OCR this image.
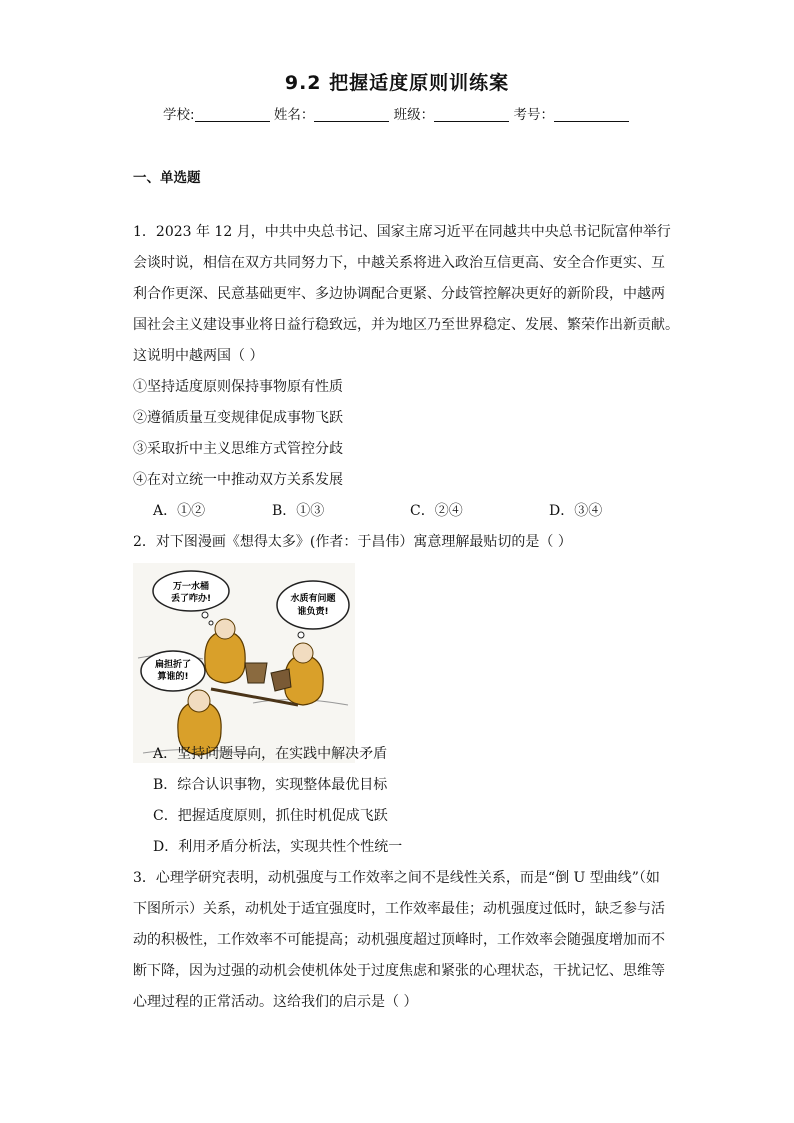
9.2 把握适度原则训练案
学校:	姓名：	班级：	考号：
一、单选题
1．2023 年 12 月，中共中央总书记、国家主席习近平在同越共中央总书记阮富仲举行
会谈时说，相信在双方共同努力下，中越关系将进入政治互信更高、安全合作更实、互
利合作更深、民意基础更牢、多边协调配合更紧、分歧管控解决更好的新阶段，中越两
国社会主义建设事业将日益行稳致远，并为地区乃至世界稳定、发展、繁荣作出新贡献。
这说明中越两国（ ）
①坚持适度原则保持事物原有性质
②遵循质量互变规律促成事物飞跃
③采取折中主义思维方式管控分歧
④在对立统一中推动双方关系发展
A．①②	B．①③	C．②④	D．③④
2．对下图漫画《想得太多》(作者：于昌伟）寓意理解最贴切的是（ ）
万一水桶
丢了咋办!	水质有问题
谁负责!
扁担折了
算谁的!
A．坚持问题导向，在实践中解决矛盾
B．综合认识事物，实现整体最优目标
C．把握适度原则，抓住时机促成飞跃
D．利用矛盾分析法，实现共性个性统一
3．心理学研究表明，动机强度与工作效率之间不是线性关系，而是“倒 U 型曲线”（如
下图所示）关系，动机处于适宜强度时，工作效率最佳；动机强度过低时，缺乏参与活
动的积极性，工作效率不可能提高；动机强度超过顶峰时，工作效率会随强度增加而不
断下降，因为过强的动机会使机体处于过度焦虑和紧张的心理状态，干扰记忆、思维等
心理过程的正常活动。这给我们的启示是（ ）
